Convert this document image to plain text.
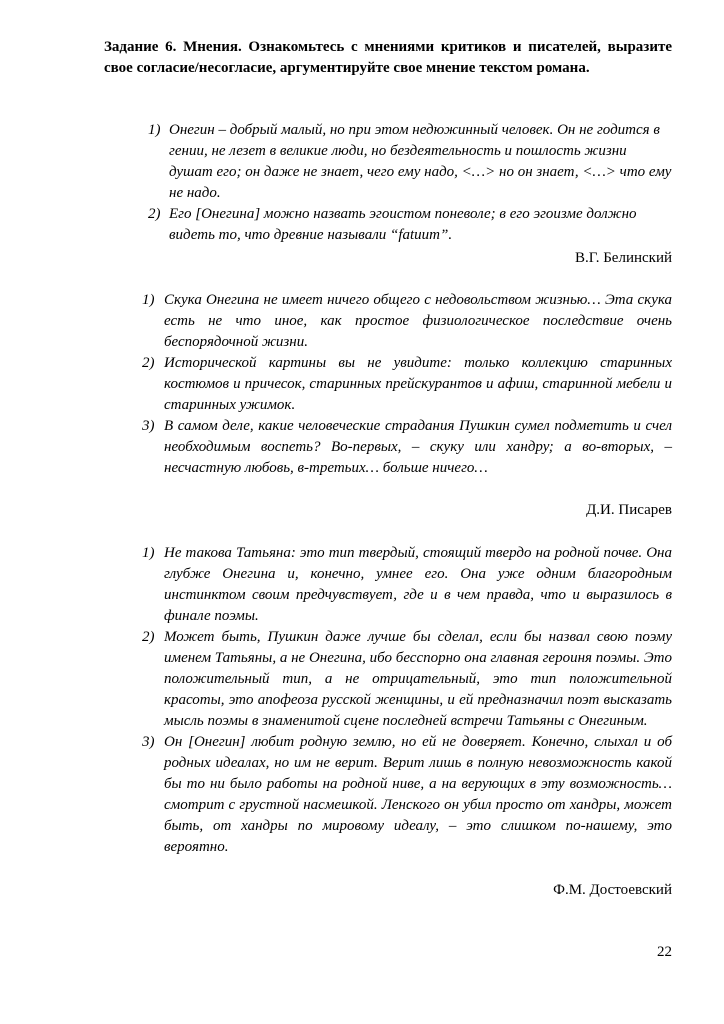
Задание 6. Мнения. Ознакомьтесь с мнениями критиков и писателей, выразите свое согласие/несогласие, аргументируйте свое мнение текстом романа.

1) Онегин – добрый малый, но при этом недюжинный человек. Он не годится в гении, не лезет в великие люди, но бездеятельность и пошлость жизни душат его; он даже не знает, чего ему надо, <…> но он знает, <…> что ему не надо.
2) Его [Онегина] можно назвать эгоистом поневоле; в его эгоизме должно видеть то, что древние называли “fatuum”.
В.Г. Белинский
1) Скука Онегина не имеет ничего общего с недовольством жизнью… Эта скука есть не что иное, как простое физиологическое последствие очень беспорядочной жизни.
2) Исторической картины вы не увидите: только коллекцию старинных костюмов и причесок, старинных прейскурантов и афиш, старинной мебели и старинных ужимок.
3) В самом деле, какие человеческие страдания Пушкин сумел подметить и счел необходимым воспеть? Во-первых, – скуку или хандру; а во-вторых, – несчастную любовь, в-третьих… больше ничего…
Д.И. Писарев
1) Не такова Татьяна: это тип твердый, стоящий твердо на родной почве. Она глубже Онегина и, конечно, умнее его. Она уже одним благородным инстинктом своим предчувствует, где и в чем правда, что и выразилось в финале поэмы.
2) Может быть, Пушкин даже лучше бы сделал, если бы назвал свою поэму именем Татьяны, а не Онегина, ибо бесспорно она главная героиня поэмы. Это положительный тип, а не отрицательный, это тип положительной красоты, это апофеоза русской женщины, и ей предназначил поэт высказать мысль поэмы в знаменитой сцене последней встречи Татьяны с Онегиным.
3) Он [Онегин] любит родную землю, но ей не доверяет. Конечно, слыхал и об родных идеалах, но им не верит. Верит лишь в полную невозможность какой бы то ни было работы на родной ниве, а на верующих в эту возможность… смотрит с грустной насмешкой. Ленского он убил просто от хандры, может быть, от хандры по мировому идеалу, – это слишком по-нашему, это вероятно.
Ф.М. Достоевский
22
